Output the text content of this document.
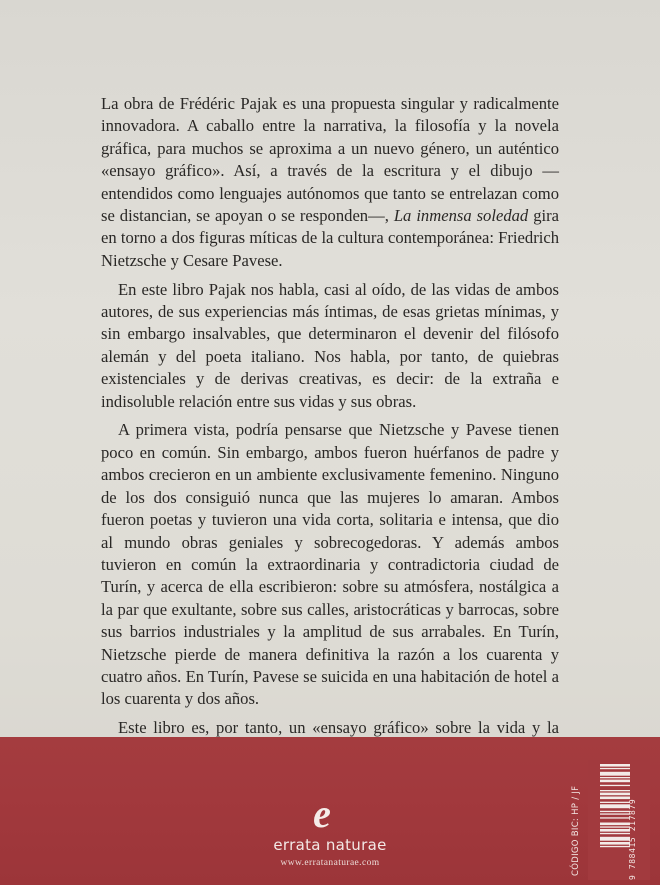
La obra de Frédéric Pajak es una propuesta singular y radicalmente innovadora. A caballo entre la narrativa, la filosofía y la novela gráfica, para muchos se aproxima a un nuevo género, un auténtico «ensayo gráfico». Así, a través de la escritura y el dibujo —entendidos como lenguajes autónomos que tanto se entrelazan como se distancian, se apoyan o se responden—, La inmensa soledad gira en torno a dos figuras míticas de la cultura contemporánea: Friedrich Nietzsche y Cesare Pavese.

En este libro Pajak nos habla, casi al oído, de las vidas de ambos autores, de sus experiencias más íntimas, de esas grietas mínimas, y sin embargo insalvables, que determinaron el devenir del filósofo alemán y del poeta italiano. Nos habla, por tanto, de quiebras existenciales y de derivas creativas, es decir: de la extraña e indisoluble relación entre sus vidas y sus obras.

A primera vista, podría pensarse que Nietzsche y Pavese tienen poco en común. Sin embargo, ambos fueron huérfanos de padre y ambos crecieron en un ambiente exclusivamente femenino. Ninguno de los dos consiguió nunca que las mujeres lo amaran. Ambos fueron poetas y tuvieron una vida corta, solitaria e intensa, que dio al mundo obras geniales y sobrecogedoras. Y además ambos tuvieron en común la extraordinaria y contradictoria ciudad de Turín, y acerca de ella escribieron: sobre su atmósfera, nostálgica a la par que exultante, sobre sus calles, aristocráticas y barrocas, sobre sus barrios industriales y la amplitud de sus arrabales. En Turín, Nietzsche pierde de manera definitiva la razón a los cuarenta y cuatro años. En Turín, Pavese se suicida en una habitación de hotel a los cuarenta y dos años.

Este libro es, por tanto, un «ensayo gráfico» sobre la vida y la

e
errata naturae
www.erratanaturae.com	CÓDIGO BIC: HP / JF	9 788415 217879
